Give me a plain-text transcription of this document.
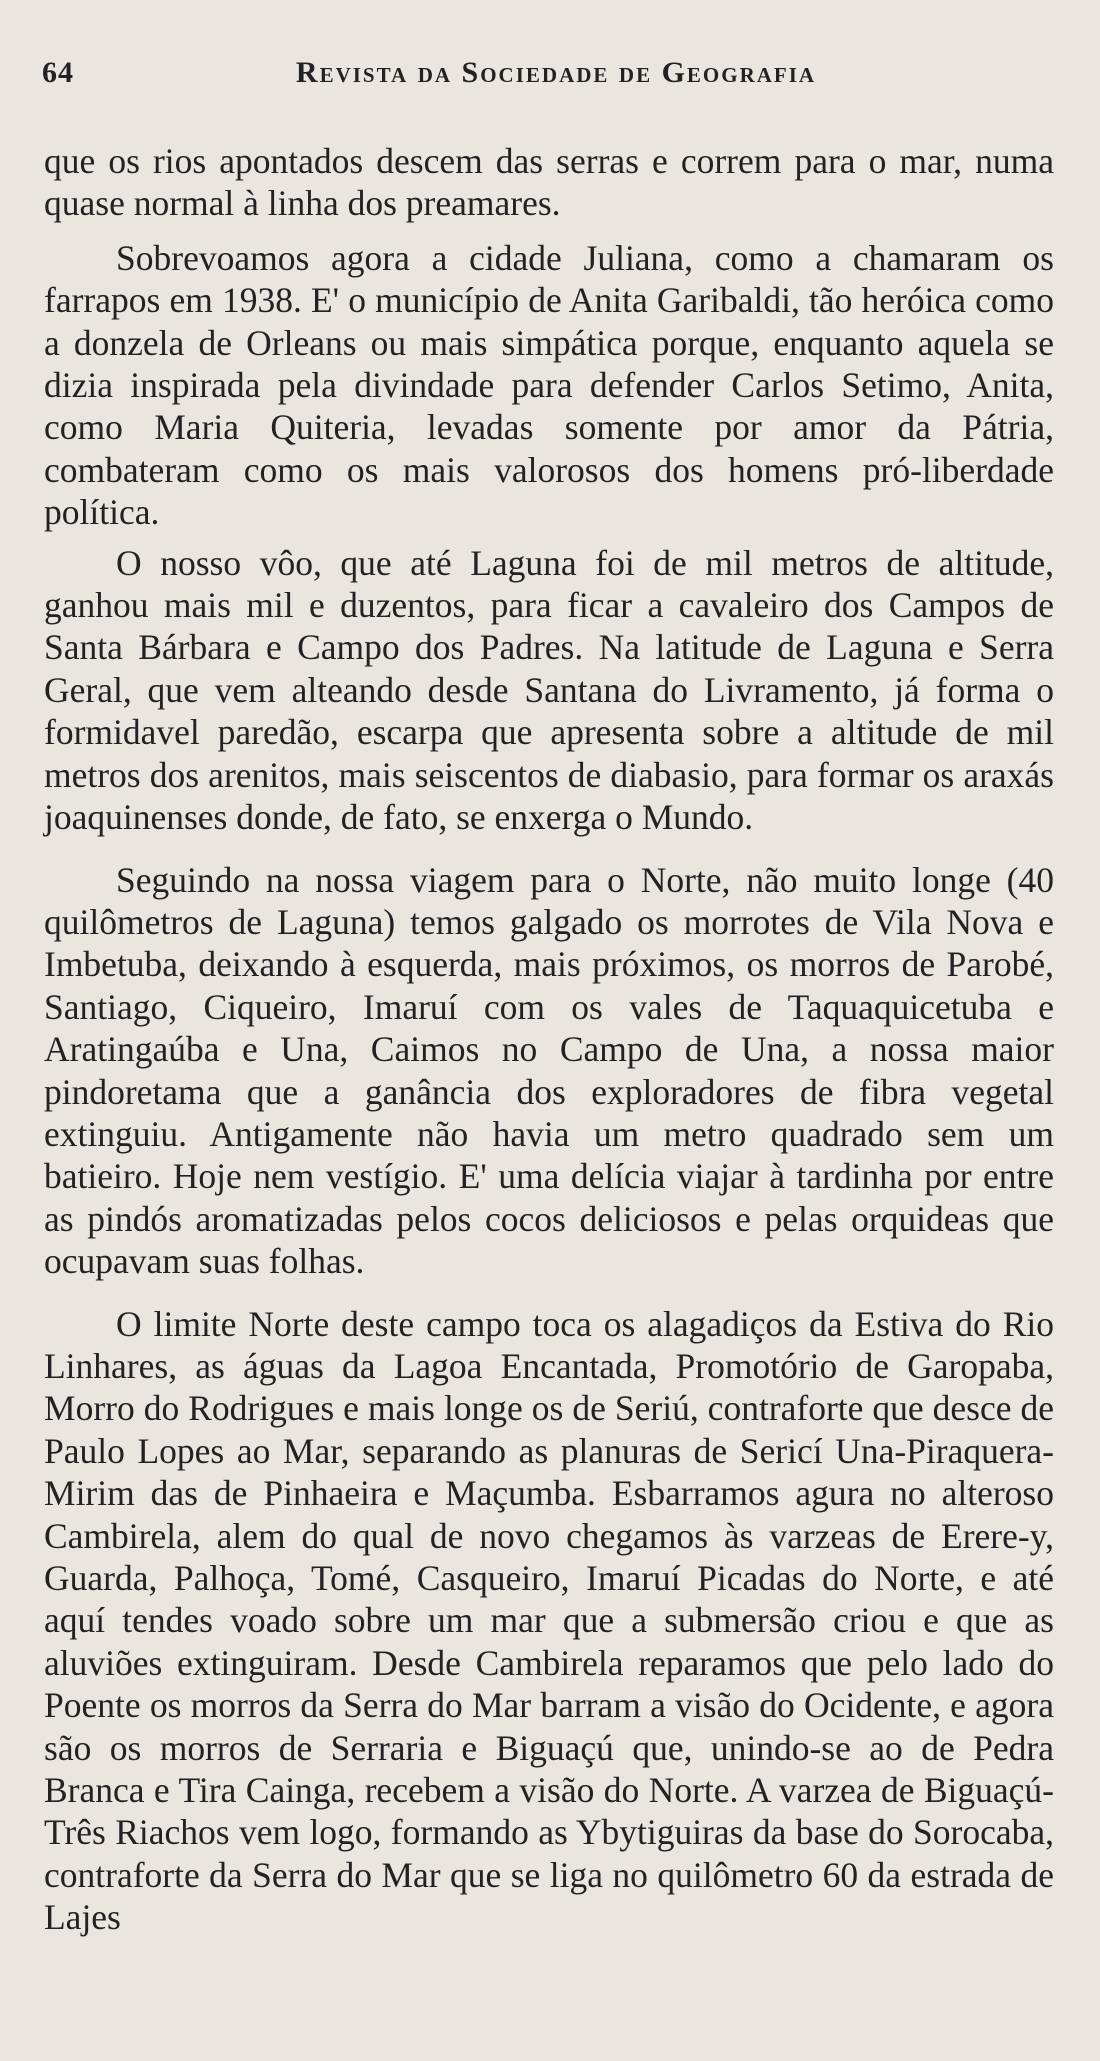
64	Revista da Sociedade de Geografia

que os rios apontados descem das serras e correm para o mar, numa quase normal à linha dos preamares.

Sobrevoamos agora a cidade Juliana, como a chamaram os farrapos em 1938. E' o município de Anita Garibaldi, tão heróica como a donzela de Orleans ou mais simpática porque, enquanto aquela se dizia inspirada pela divindade para defender Carlos Setimo, Anita, como Maria Quiteria, levadas somente por amor da Pátria, combateram como os mais valorosos dos homens pró-liberdade política.

O nosso vôo, que até Laguna foi de mil metros de altitude, ganhou mais mil e duzentos, para ficar a cavaleiro dos Campos de Santa Bárbara e Campo dos Padres. Na latitude de Laguna e Serra Geral, que vem alteando desde Santana do Livramento, já forma o formidavel paredão, escarpa que apresenta sobre a altitude de mil metros dos arenitos, mais seiscentos de diabasio, para formar os araxás joaquinenses donde, de fato, se enxerga o Mundo.

Seguindo na nossa viagem para o Norte, não muito longe (40 quilômetros de Laguna) temos galgado os morrotes de Vila Nova e Imbetuba, deixando à esquerda, mais próximos, os morros de Parobé, Santiago, Ciqueiro, Imaruí com os vales de Taquaquicetuba e Aratingaúba e Una, Caimos no Campo de Una, a nossa maior pindoretama que a ganância dos exploradores de fibra vegetal extinguiu. Antigamente não havia um metro quadrado sem um batieiro. Hoje nem vestígio. E' uma delícia viajar à tardinha por entre as pindós aromatizadas pelos cocos deliciosos e pelas orquideas que ocupavam suas folhas.

O limite Norte deste campo toca os alagadiços da Estiva do Rio Linhares, as águas da Lagoa Encantada, Promotório de Garopaba, Morro do Rodrigues e mais longe os de Seriú, contraforte que desce de Paulo Lopes ao Mar, separando as planuras de Sericí Una-Piraquera-Mirim das de Pinhaeira e Maçumba. Esbarramos agura no alteroso Cambirela, alem do qual de novo chegamos às varzeas de Erere-y, Guarda, Palhoça, Tomé, Casqueiro, Imaruí Picadas do Norte, e até aquí tendes voado sobre um mar que a submersão criou e que as aluviões extinguiram. Desde Cambirela reparamos que pelo lado do Poente os morros da Serra do Mar barram a visão do Ocidente, e agora são os morros de Serraria e Biguaçú que, unindo-se ao de Pedra Branca e Tira Cainga, recebem a visão do Norte. A varzea de Biguaçú-Três Riachos vem logo, formando as Ybytiguiras da base do Sorocaba, contraforte da Serra do Mar que se liga no quilômetro 60 da estrada de Lajes
